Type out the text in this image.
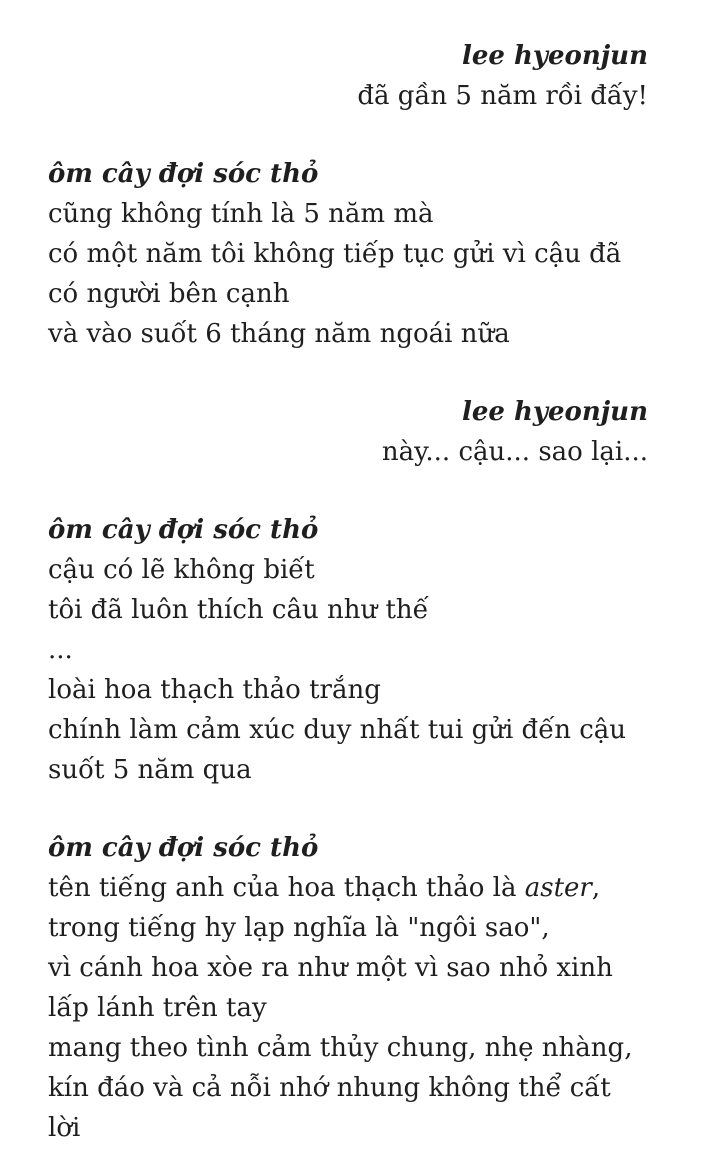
lee hyeonjun
đã gần 5 năm rồi đấy!
ôm cây đợi sóc thỏ
cũng không tính là 5 năm mà
có một năm tôi không tiếp tục gửi vì cậu đã
có người bên cạnh
và vào suốt 6 tháng năm ngoái nữa
lee hyeonjun
này... cậu... sao lại...
ôm cây đợi sóc thỏ
cậu có lẽ không biết
tôi đã luôn thích câu như thế
...
loài hoa thạch thảo trắng
chính làm cảm xúc duy nhất tui gửi đến cậu
suốt 5 năm qua
ôm cây đợi sóc thỏ
tên tiếng anh của hoa thạch thảo là aster,
trong tiếng hy lạp nghĩa là "ngôi sao",
vì cánh hoa xòe ra như một vì sao nhỏ xinh
lấp lánh trên tay
mang theo tình cảm thủy chung, nhẹ nhàng,
kín đáo và cả nỗi nhớ nhung không thể cất
lời
